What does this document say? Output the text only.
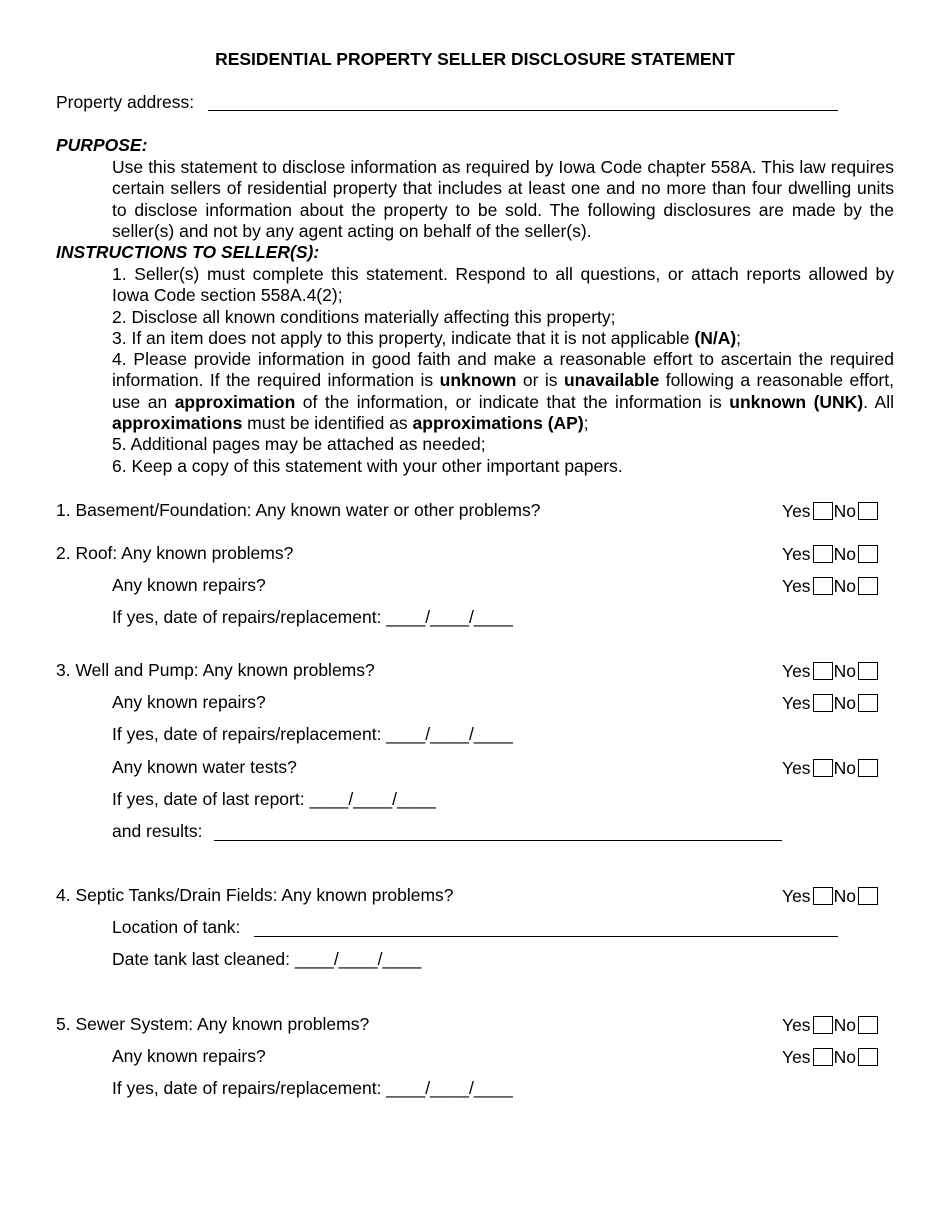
RESIDENTIAL PROPERTY SELLER DISCLOSURE STATEMENT
Property address:
PURPOSE:
Use this statement to disclose information as required by Iowa Code chapter 558A. This law requires certain sellers of residential property that includes at least one and no more than four dwelling units to disclose information about the property to be sold. The following disclosures are made by the seller(s) and not by any agent acting on behalf of the seller(s).
INSTRUCTIONS TO SELLER(S):

1. Seller(s) must complete this statement. Respond to all questions, or attach reports allowed by Iowa Code section 558A.4(2);

2. Disclose all known conditions materially affecting this property;

3. If an item does not apply to this property, indicate that it is not applicable (N/A);

4. Please provide information in good faith and make a reasonable effort to ascertain the required information. If the required information is unknown or is unavailable following a reasonable effort, use an approximation of the information, or indicate that the information is unknown (UNK). All approximations must be identified as approximations (AP);

5. Additional pages may be attached as needed;

6. Keep a copy of this statement with your other important papers.

1. Basement/Foundation: Any known water or other problems?	Yes No
2. Roof: Any known problems?	Yes No
Any known repairs?	Yes No
If yes, date of repairs/replacement: ____/____/____
3. Well and Pump: Any known problems?	Yes No
Any known repairs?	Yes No
If yes, date of repairs/replacement: ____/____/____
Any known water tests?	Yes No
If yes, date of last report: ____/____/____
and results:
4. Septic Tanks/Drain Fields: Any known problems?	Yes No
Location of tank:
Date tank last cleaned: ____/____/____
5. Sewer System: Any known problems?	Yes No
Any known repairs?	Yes No
If yes, date of repairs/replacement: ____/____/____
